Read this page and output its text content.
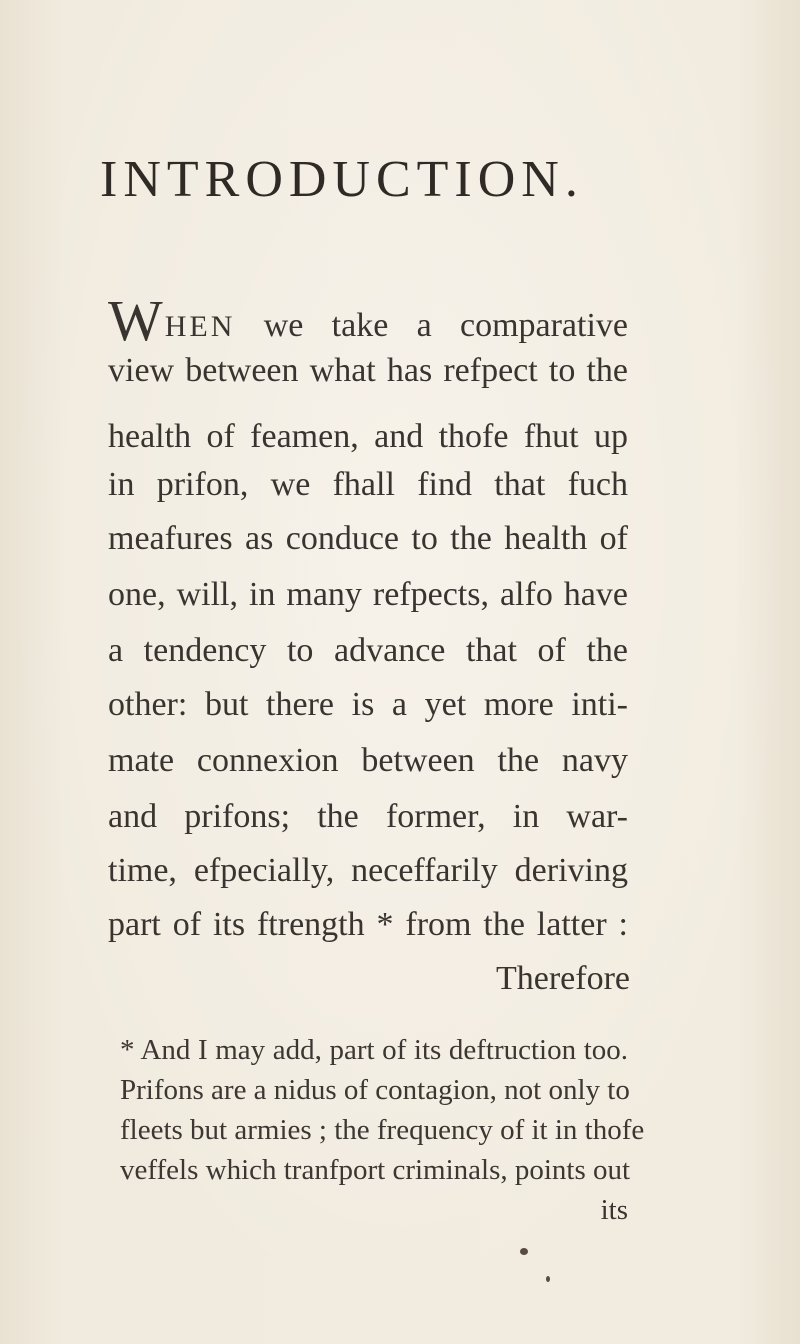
INTRODUCTION.
WHEN we take a comparative
view between what has refpect to the
health of feamen, and thofe fhut up
in prifon, we fhall find that fuch
meafures as conduce to the health of
one, will, in many refpects, alfo have
a tendency to advance that of the
other: but there is a yet more inti-
mate connexion between the navy
and prifons; the former, in war-
time, efpecially, neceffarily deriving
part of its ftrength * from the latter :
Therefore
* And I may add, part of its deftruction too.
Prifons are a nidus of contagion, not only to
fleets but armies ; the frequency of it in thofe
veffels which tranfport criminals, points out
its
